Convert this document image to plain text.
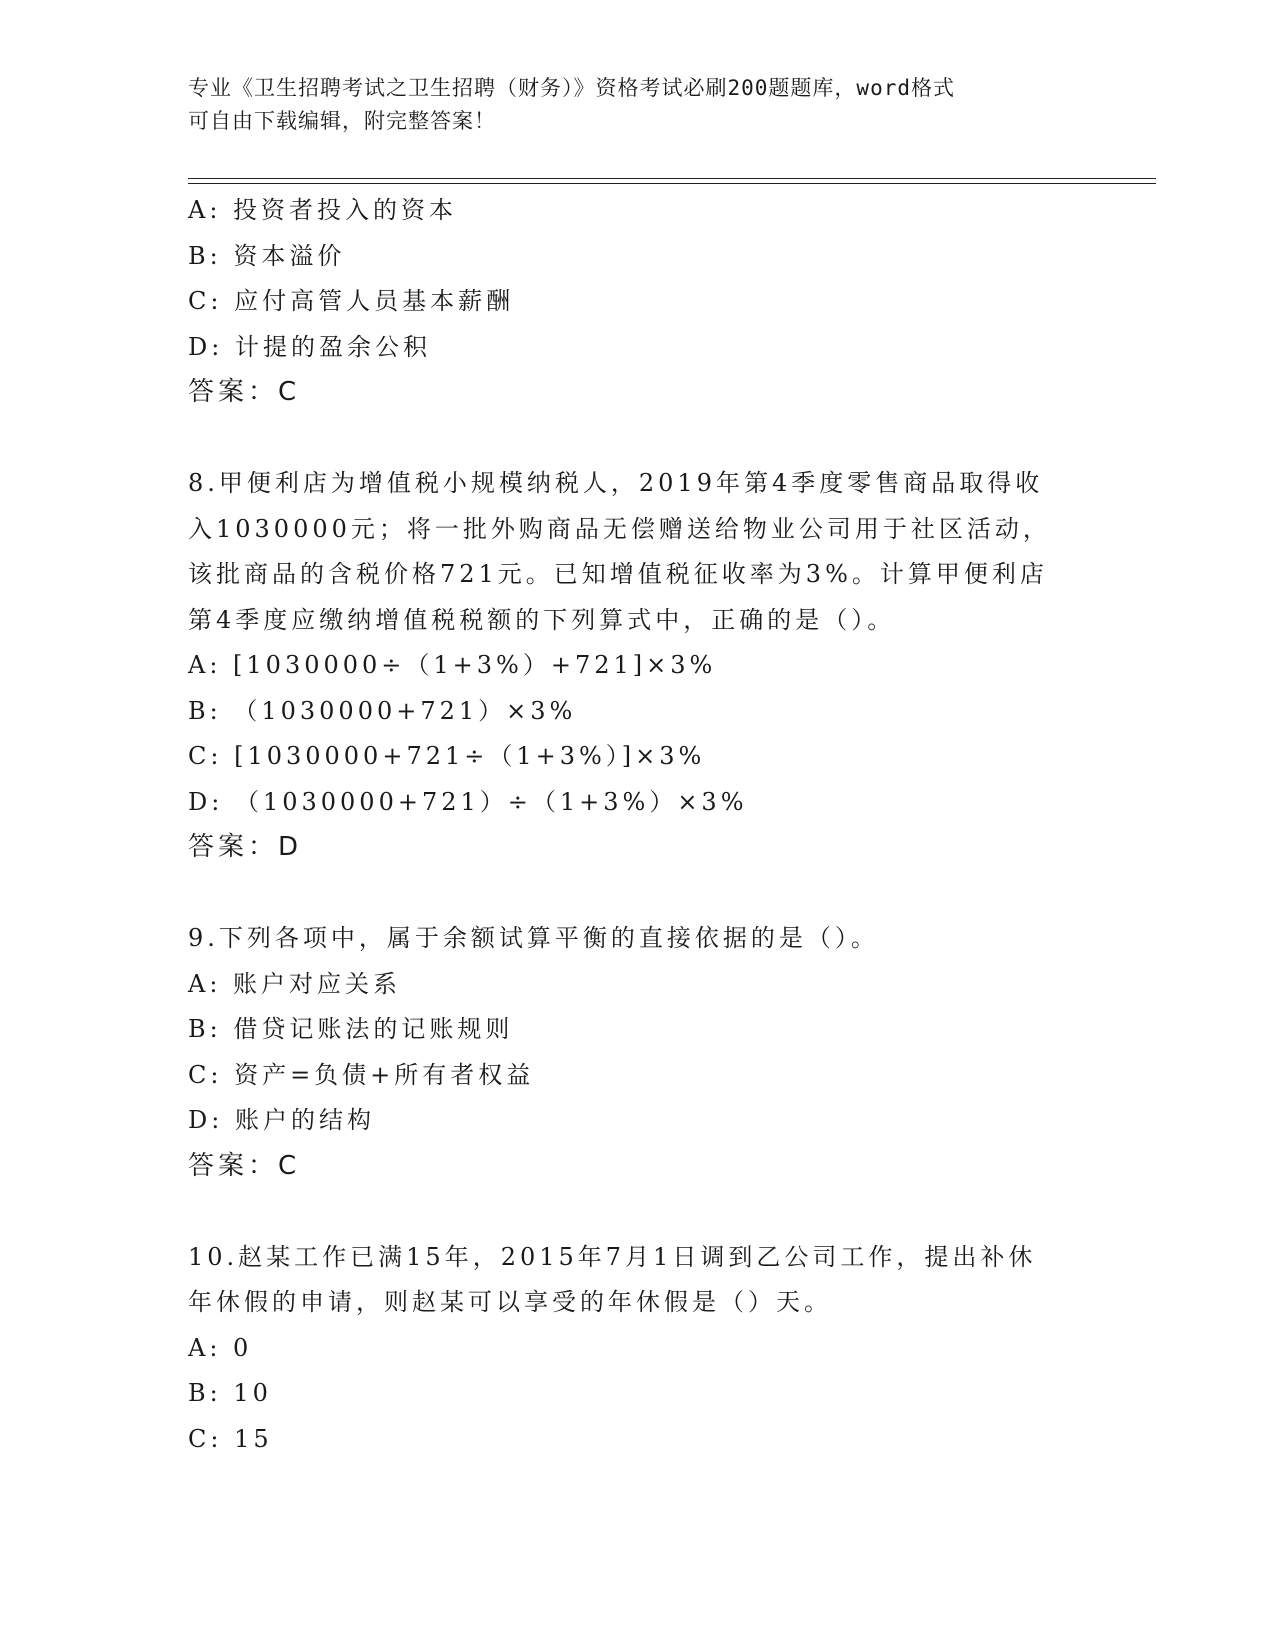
专业《卫生招聘考试之卫生招聘（财务）》资格考试必刷200题题库，word格式
可自由下载编辑，附完整答案！
A: 投资者投入的资本
B: 资本溢价
C: 应付高管人员基本薪酬
D: 计提的盈余公积
答案：C
8.甲便利店为增值税小规模纳税人，2019年第4季度零售商品取得收
入1030000元；将一批外购商品无偿赠送给物业公司用于社区活动，
该批商品的含税价格721元。已知增值税征收率为3%。计算甲便利店
第4季度应缴纳增值税税额的下列算式中，正确的是（）。
A: [1030000÷（1+3%）+721]×3%
B: （1030000+721）×3%
C: [1030000+721÷（1+3%）]×3%
D: （1030000+721）÷（1+3%）×3%
答案：D
9.下列各项中，属于余额试算平衡的直接依据的是（）。
A: 账户对应关系
B: 借贷记账法的记账规则
C: 资产=负债+所有者权益
D: 账户的结构
答案：C
10.赵某工作已满15年，2015年7月1日调到乙公司工作，提出补休
年休假的申请，则赵某可以享受的年休假是（）天。
A: 0
B: 10
C: 15
